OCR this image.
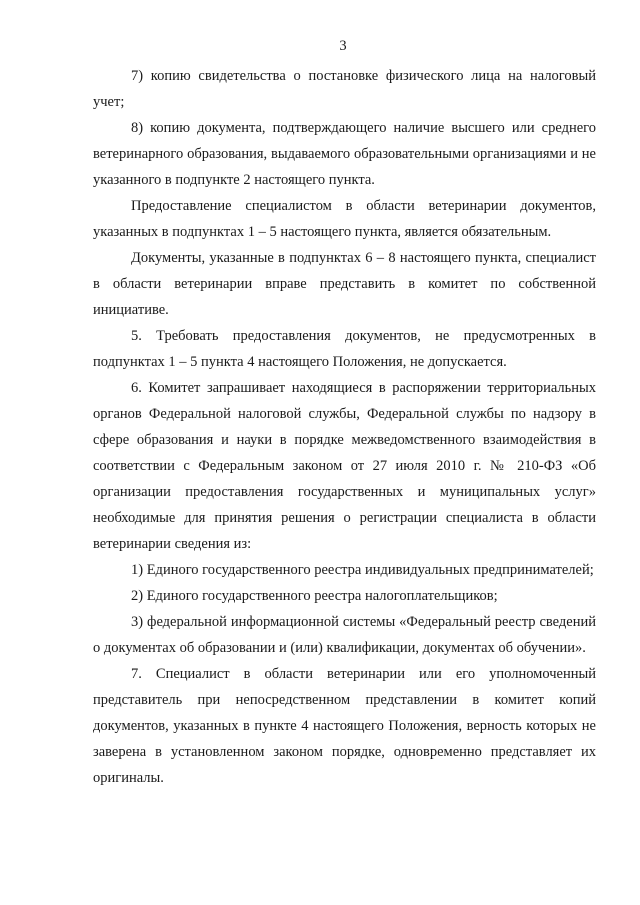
3

7) копию свидетельства о постановке физического лица на налоговый учет;

8) копию документа, подтверждающего наличие высшего или среднего ветеринарного образования, выдаваемого образовательными организациями и не указанного в подпункте 2 настоящего пункта.

Предоставление специалистом в области ветеринарии документов, указанных в подпунктах 1 – 5 настоящего пункта, является обязательным.

Документы, указанные в подпунктах 6 – 8 настоящего пункта, специалист в области ветеринарии вправе представить в комитет по собственной инициативе.

5. Требовать предоставления документов, не предусмотренных в подпунктах 1 – 5 пункта 4 настоящего Положения, не допускается.

6. Комитет запрашивает находящиеся в распоряжении территориальных органов Федеральной налоговой службы, Федеральной службы по надзору в сфере образования и науки в порядке межведомственного взаимодействия в соответствии с Федеральным законом от 27 июля 2010 г. № 210-ФЗ «Об организации предоставления государственных и муниципальных услуг» необходимые для принятия решения о регистрации специалиста в области ветеринарии сведения из:

1) Единого государственного реестра индивидуальных предпринимателей;

2) Единого государственного реестра налогоплательщиков;

3) федеральной информационной системы «Федеральный реестр сведений о документах об образовании и (или) квалификации, документах об обучении».

7. Специалист в области ветеринарии или его уполномоченный представитель при непосредственном представлении в комитет копий документов, указанных в пункте 4 настоящего Положения, верность которых не заверена в установленном законом порядке, одновременно представляет их оригиналы.
